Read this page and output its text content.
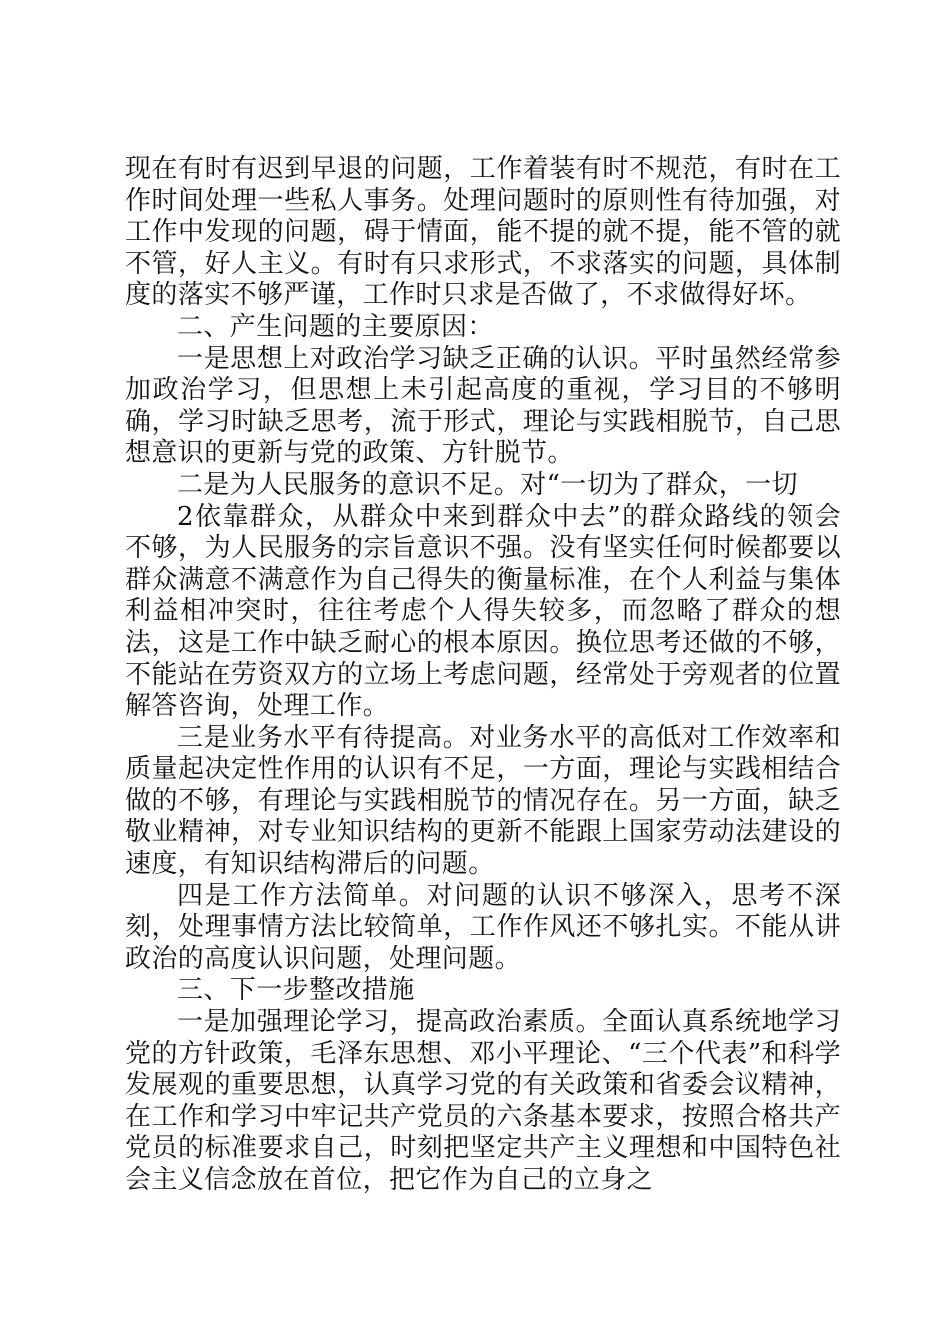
现在有时有迟到早退的问题，工作着装有时不规范，有时在工作时间处理一些私人事务。处理问题时的原则性有待加强，对工作中发现的问题，碍于情面，能不提的就不提，能不管的就不管，好人主义。有时有只求形式，不求落实的问题，具体制度的落实不够严谨，工作时只求是否做了，不求做得好坏。

二、产生问题的主要原因：

一是思想上对政治学习缺乏正确的认识。平时虽然经常参加政治学习，但思想上未引起高度的重视，学习目的不够明确，学习时缺乏思考，流于形式，理论与实践相脱节，自己思想意识的更新与党的政策、方针脱节。

二是为人民服务的意识不足。对“一切为了群众，一切

2依靠群众，从群众中来到群众中去”的群众路线的领会不够，为人民服务的宗旨意识不强。没有坚实任何时候都要以群众满意不满意作为自己得失的衡量标准，在个人利益与集体利益相冲突时，往往考虑个人得失较多，而忽略了群众的想法，这是工作中缺乏耐心的根本原因。换位思考还做的不够，不能站在劳资双方的立场上考虑问题，经常处于旁观者的位置解答咨询，处理工作。

三是业务水平有待提高。对业务水平的高低对工作效率和质量起决定性作用的认识有不足，一方面，理论与实践相结合做的不够，有理论与实践相脱节的情况存在。另一方面，缺乏敬业精神，对专业知识结构的更新不能跟上国家劳动法建设的速度，有知识结构滞后的问题。

四是工作方法简单。对问题的认识不够深入，思考不深刻，处理事情方法比较简单，工作作风还不够扎实。不能从讲政治的高度认识问题，处理问题。

三、下一步整改措施

一是加强理论学习，提高政治素质。全面认真系统地学习党的方针政策，毛泽东思想、邓小平理论、“三个代表”和科学发展观的重要思想，认真学习党的有关政策和省委会议精神，在工作和学习中牢记共产党员的六条基本要求，按照合格共产党员的标准要求自己，时刻把坚定共产主义理想和中国特色社会主义信念放在首位，把它作为自己的立身之
